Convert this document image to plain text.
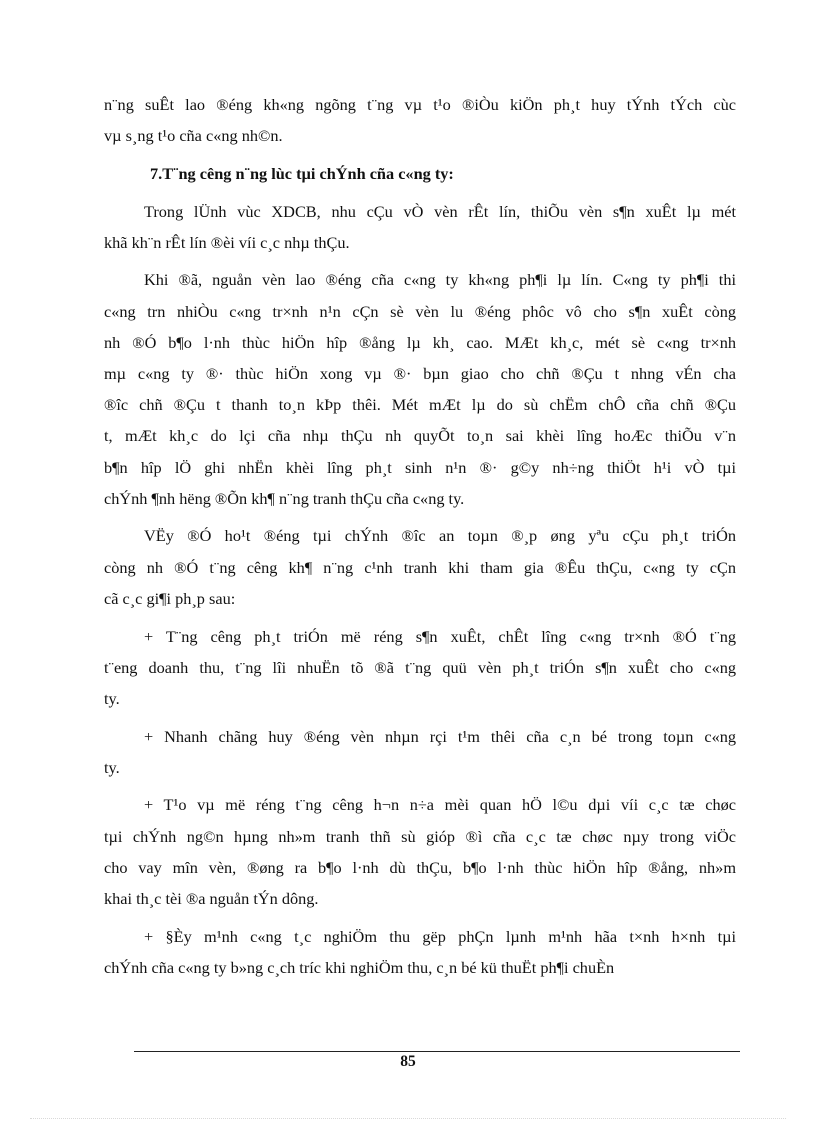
n¨ng suÊt lao ®éng kh«ng ngõng t¨ng vµ t¹o ®iÒu kiÖn ph¸t huy tÝnh tÝch cùc
vµ s¸ng t¹o cña c«ng nh©n.
7.T¨ng cêng n¨ng lùc tµi chÝnh cña c«ng ty:
Trong lÜnh vùc XDCB, nhu cÇu vÒ vèn rÊt lín, thiÕu vèn s¶n xuÊt lµ mét
khã kh¨n rÊt lín ®èi víi c¸c nhµ thÇu.
Khi ®ã, nguån vèn lao ®éng cña c«ng ty kh«ng ph¶i lµ lín. C«ng ty ph¶i thi
c«ng trn nhiÒu c«ng tr×nh n¹n cÇn sè vèn lu ®éng phôc vô cho s¶n xuÊt còng
nh ®Ó b¶o l·nh thùc hiÖn hîp ®ång lµ kh¸ cao. MÆt kh¸c, mét sè c«ng tr×nh
mµ c«ng ty ®· thùc hiÖn xong vµ ®· bµn giao cho chñ ®Çu t nhng vÉn cha
®îc chñ ®Çu t thanh to¸n kÞp thêi. Mét mÆt lµ do sù chËm chÔ cña chñ ®Çu
t, mÆt kh¸c do lçi cña nhµ thÇu nh quyÕt to¸n sai khèi lîng hoÆc thiÕu v¨n
b¶n hîp lÖ ghi nhËn khèi lîng ph¸t sinh n¹n ®· g©y nh÷ng thiÖt h¹i vÒ tµi
chÝnh ¶nh hëng ®Õn kh¶ n¨ng tranh thÇu cña c«ng ty.
VËy ®Ó ho¹t ®éng tµi chÝnh ®îc an toµn ®¸p øng yªu cÇu ph¸t triÓn
còng nh ®Ó t¨ng cêng kh¶ n¨ng c¹nh tranh khi tham gia ®Êu thÇu, c«ng ty cÇn
cã c¸c gi¶i ph¸p sau:
+ T¨ng cêng ph¸t triÓn më réng s¶n xuÊt, chÊt lîng c«ng tr×nh ®Ó t¨ng
t¨eng doanh thu, t¨ng lîi nhuËn tõ ®ã t¨ng quü vèn ph¸t triÓn s¶n xuÊt cho c«ng
ty.
+ Nhanh chãng huy ®éng vèn nhµn rçi t¹m thêi cña c¸n bé trong toµn c«ng
ty.
+ T¹o vµ më réng t¨ng cêng h¬n n÷a mèi quan hÖ l©u dµi víi c¸c tæ chøc
tµi chÝnh ng©n hµng nh»m tranh thñ sù gióp ®ì cña c¸c tæ chøc nµy trong viÖc
cho vay mîn vèn, ®øng ra b¶o l·nh dù thÇu, b¶o l·nh thùc hiÖn hîp ®ång, nh»m
khai th¸c tèi ®a nguån tÝn dông.
+ §Èy m¹nh c«ng t¸c nghiÖm thu gëp phÇn lµnh m¹nh hãa t×nh h×nh tµi
chÝnh cña c«ng ty b»ng c¸ch tríc khi nghiÖm thu, c¸n bé kü thuËt ph¶i chuÈn
85
